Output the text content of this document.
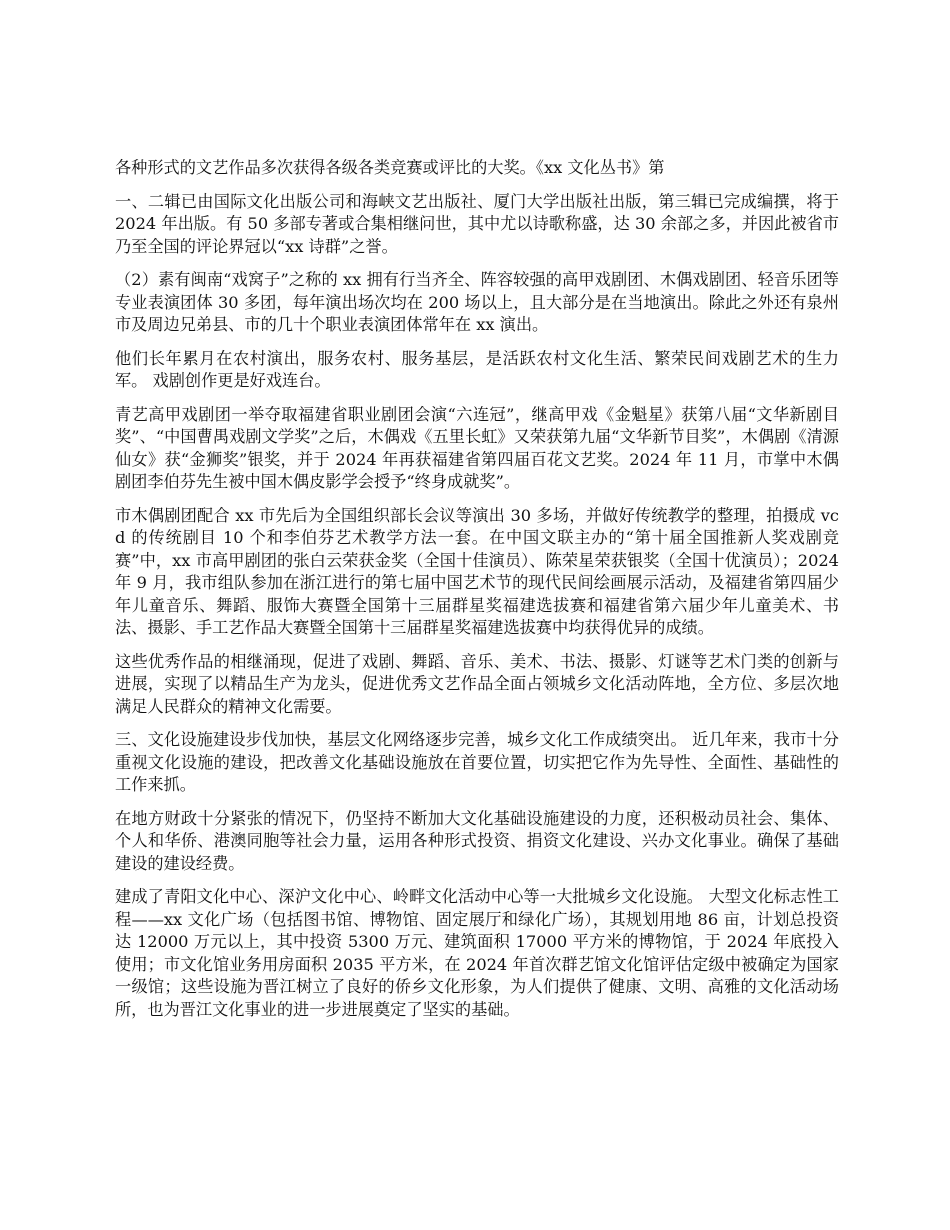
各种形式的文艺作品多次获得各级各类竞赛或评比的大奖。《xx 文化丛书》第

一、二辑已由国际文化出版公司和海峡文艺出版社、厦门大学出版社出版，第三辑已完成编撰，将于 2024 年出版。有 50 多部专著或合集相继问世，其中尤以诗歌称盛，达 30 余部之多，并因此被省市乃至全国的评论界冠以“xx 诗群”之誉。

（2）素有闽南“戏窝子”之称的 xx 拥有行当齐全、阵容较强的高甲戏剧团、木偶戏剧团、轻音乐团等专业表演团体 30 多团，每年演出场次均在 200 场以上，且大部分是在当地演出。除此之外还有泉州市及周边兄弟县、市的几十个职业表演团体常年在 xx 演出。

他们长年累月在农村演出，服务农村、服务基层，是活跃农村文化生活、繁荣民间戏剧艺术的生力军。 戏剧创作更是好戏连台。

青艺高甲戏剧团一举夺取福建省职业剧团会演“六连冠”，继高甲戏《金魁星》获第八届“文华新剧目奖”、“中国曹禺戏剧文学奖”之后，木偶戏《五里长虹》又荣获第九届“文华新节目奖”，木偶剧《清源仙女》获“金狮奖”银奖，并于 2024 年再获福建省第四届百花文艺奖。2024 年 11 月，市掌中木偶剧团李伯芬先生被中国木偶皮影学会授予“终身成就奖”。

市木偶剧团配合 xx 市先后为全国组织部长会议等演出 30 多场，并做好传统教学的整理，拍摄成 vcd 的传统剧目 10 个和李伯芬艺术教学方法一套。在中国文联主办的“第十届全国推新人奖戏剧竞赛”中，xx 市高甲剧团的张白云荣获金奖（全国十佳演员）、陈荣星荣获银奖（全国十优演员）；2024 年 9 月，我市组队参加在浙江进行的第七届中国艺术节的现代民间绘画展示活动，及福建省第四届少年儿童音乐、舞蹈、服饰大赛暨全国第十三届群星奖福建选拔赛和福建省第六届少年儿童美术、书法、摄影、手工艺作品大赛暨全国第十三届群星奖福建选拔赛中均获得优异的成绩。

这些优秀作品的相继涌现，促进了戏剧、舞蹈、音乐、美术、书法、摄影、灯谜等艺术门类的创新与进展，实现了以精品生产为龙头，促进优秀文艺作品全面占领城乡文化活动阵地，全方位、多层次地满足人民群众的精神文化需要。

三、文化设施建设步伐加快，基层文化网络逐步完善，城乡文化工作成绩突出。 近几年来，我市十分重视文化设施的建设，把改善文化基础设施放在首要位置，切实把它作为先导性、全面性、基础性的工作来抓。

在地方财政十分紧张的情况下，仍坚持不断加大文化基础设施建设的力度，还积极动员社会、集体、个人和华侨、港澳同胞等社会力量，运用各种形式投资、捐资文化建设、兴办文化事业。确保了基础建设的建设经费。

建成了青阳文化中心、深沪文化中心、岭畔文化活动中心等一大批城乡文化设施。 大型文化标志性工程——xx 文化广场（包括图书馆、博物馆、固定展厅和绿化广场），其规划用地 86 亩，计划总投资达 12000 万元以上，其中投资 5300 万元、建筑面积 17000 平方米的博物馆，于 2024 年底投入使用；市文化馆业务用房面积 2035 平方米，在 2024 年首次群艺馆文化馆评估定级中被确定为国家一级馆；这些设施为晋江树立了良好的侨乡文化形象，为人们提供了健康、文明、高雅的文化活动场所，也为晋江文化事业的进一步进展奠定了坚实的基础。
